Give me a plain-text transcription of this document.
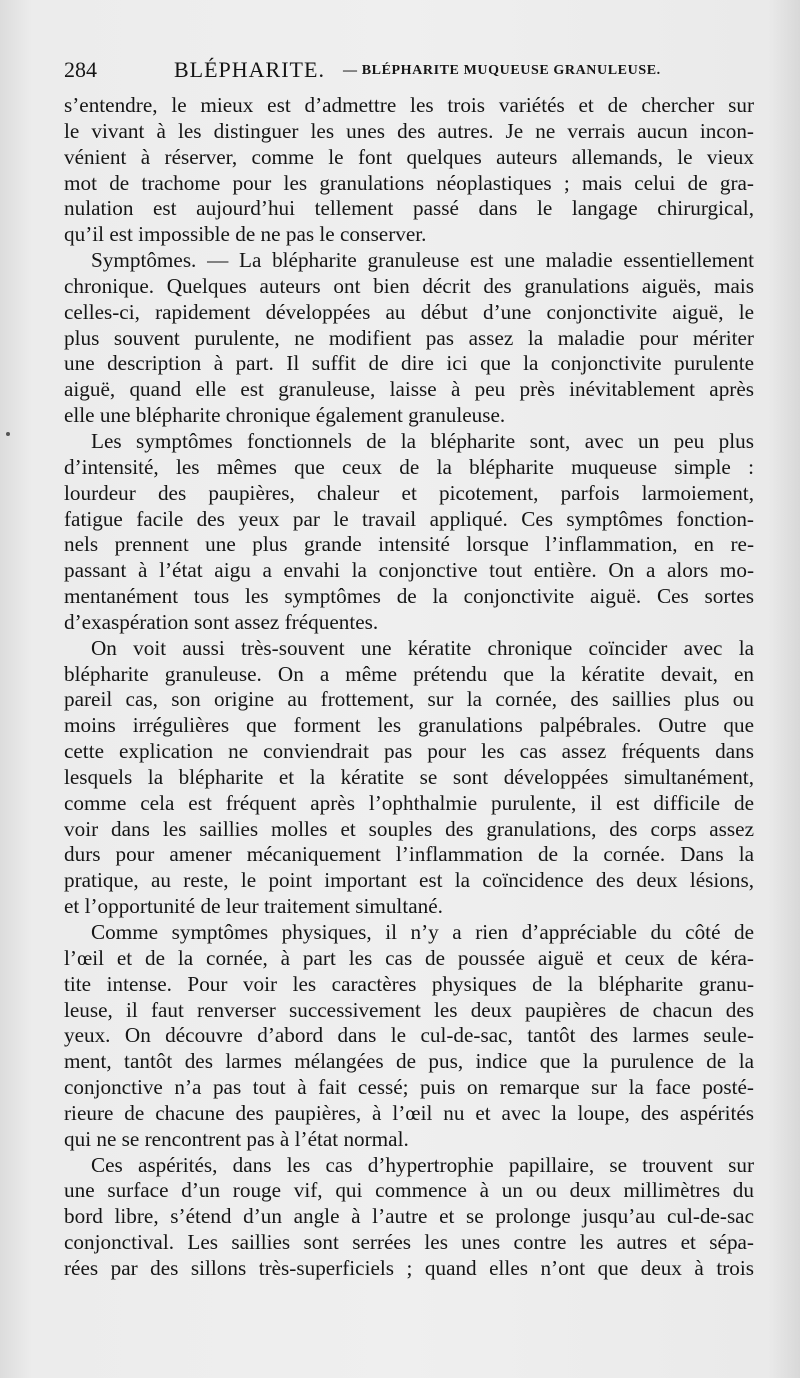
284	BLÉPHARITE. — BLÉPHARITE MUQUEUSE GRANULEUSE.
s’entendre, le mieux est d’admettre les trois variétés et de chercher sur
le vivant à les distinguer les unes des autres. Je ne verrais aucun incon-
vénient à réserver, comme le font quelques auteurs allemands, le vieux
mot de trachome pour les granulations néoplastiques ; mais celui de gra-
nulation est aujourd’hui tellement passé dans le langage chirurgical,
qu’il est impossible de ne pas le conserver.
Symptômes. — La blépharite granuleuse est une maladie essentiellement
chronique. Quelques auteurs ont bien décrit des granulations aiguës, mais
celles-ci, rapidement développées au début d’une conjonctivite aiguë, le
plus souvent purulente, ne modifient pas assez la maladie pour mériter
une description à part. Il suffit de dire ici que la conjonctivite purulente
aiguë, quand elle est granuleuse, laisse à peu près inévitablement après
elle une blépharite chronique également granuleuse.
Les symptômes fonctionnels de la blépharite sont, avec un peu plus
d’intensité, les mêmes que ceux de la blépharite muqueuse simple :
lourdeur des paupières, chaleur et picotement, parfois larmoiement,
fatigue facile des yeux par le travail appliqué. Ces symptômes fonction-
nels prennent une plus grande intensité lorsque l’inflammation, en re-
passant à l’état aigu a envahi la conjonctive tout entière. On a alors mo-
mentanément tous les symptômes de la conjonctivite aiguë. Ces sortes
d’exaspération sont assez fréquentes.
On voit aussi très-souvent une kératite chronique coïncider avec la
blépharite granuleuse. On a même prétendu que la kératite devait, en
pareil cas, son origine au frottement, sur la cornée, des saillies plus ou
moins irrégulières que forment les granulations palpébrales. Outre que
cette explication ne conviendrait pas pour les cas assez fréquents dans
lesquels la blépharite et la kératite se sont développées simultanément,
comme cela est fréquent après l’ophthalmie purulente, il est difficile de
voir dans les saillies molles et souples des granulations, des corps assez
durs pour amener mécaniquement l’inflammation de la cornée. Dans la
pratique, au reste, le point important est la coïncidence des deux lésions,
et l’opportunité de leur traitement simultané.
Comme symptômes physiques, il n’y a rien d’appréciable du côté de
l’œil et de la cornée, à part les cas de poussée aiguë et ceux de kéra-
tite intense. Pour voir les caractères physiques de la blépharite granu-
leuse, il faut renverser successivement les deux paupières de chacun des
yeux. On découvre d’abord dans le cul-de-sac, tantôt des larmes seule-
ment, tantôt des larmes mélangées de pus, indice que la purulence de la
conjonctive n’a pas tout à fait cessé; puis on remarque sur la face posté-
rieure de chacune des paupières, à l’œil nu et avec la loupe, des aspérités
qui ne se rencontrent pas à l’état normal.
Ces aspérités, dans les cas d’hypertrophie papillaire, se trouvent sur
une surface d’un rouge vif, qui commence à un ou deux millimètres du
bord libre, s’étend d’un angle à l’autre et se prolonge jusqu’au cul-de-sac
conjonctival. Les saillies sont serrées les unes contre les autres et sépa-
rées par des sillons très-superficiels ; quand elles n’ont que deux à trois
